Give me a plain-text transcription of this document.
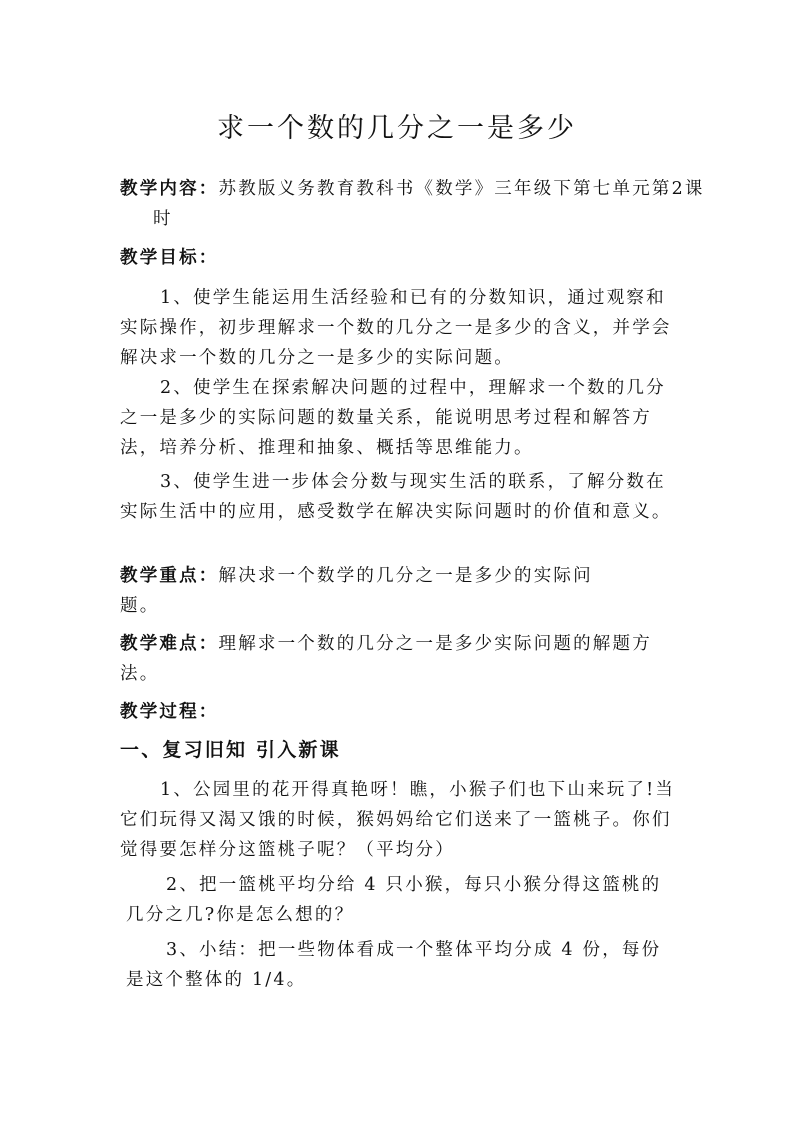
求一个数的几分之一是多少

教学内容：苏教版义务教育教科书《数学》三年级下第七单元第2课时

教学目标：

1、使学生能运用生活经验和已有的分数知识，通过观察和实际操作，初步理解求一个数的几分之一是多少的含义，并学会解决求一个数的几分之一是多少的实际问题。

2、使学生在探索解决问题的过程中，理解求一个数的几分之一是多少的实际问题的数量关系，能说明思考过程和解答方法，培养分析、推理和抽象、概括等思维能力。

3、使学生进一步体会分数与现实生活的联系，了解分数在实际生活中的应用，感受数学在解决实际问题时的价值和意义。

教学重点：解决求一个数学的几分之一是多少的实际问题。

教学难点：理解求一个数的几分之一是多少实际问题的解题方法。

教学过程：

一、复习旧知 引入新课

1、公园里的花开得真艳呀！瞧，小猴子们也下山来玩了!当它们玩得又渴又饿的时候，猴妈妈给它们送来了一篮桃子。你们觉得要怎样分这篮桃子呢？（平均分）

2、把一篮桃平均分给 4 只小猴，每只小猴分得这篮桃的几分之几?你是怎么想的？

3、小结：把一些物体看成一个整体平均分成 4 份，每份是这个整体的 1/4。
